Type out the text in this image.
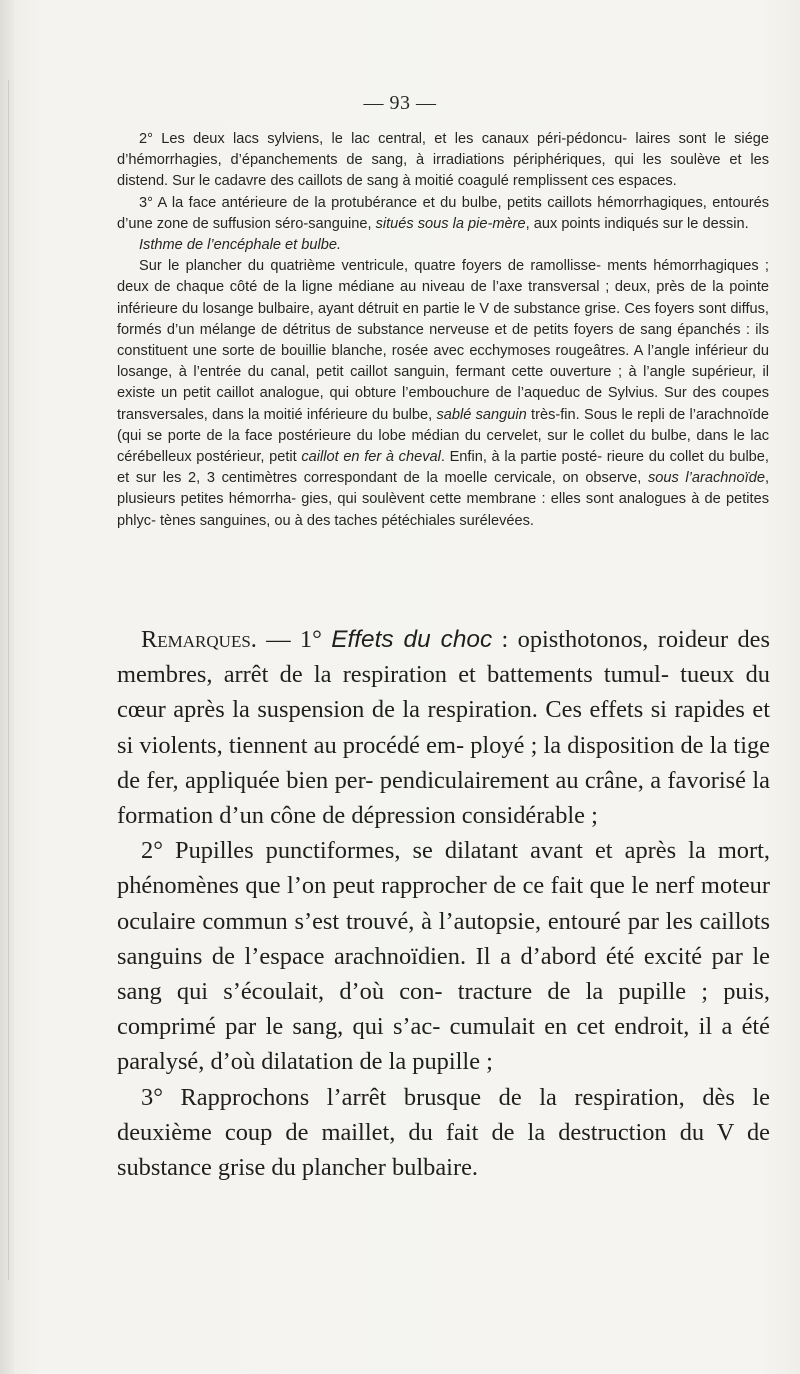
— 93 —

2° Les deux lacs sylviens, le lac central, et les canaux péri-pédoncu- laires sont le siége d’hémorrhagies, d’épanchements de sang, à irradiations périphériques, qui les soulève et les distend. Sur le cadavre des caillots de sang à moitié coagulé remplissent ces espaces.

3° A la face antérieure de la protubérance et du bulbe, petits caillots hémorrhagiques, entourés d’une zone de suffusion séro-sanguine, situés sous la pie-mère, aux points indiqués sur le dessin.

Isthme de l’encéphale et bulbe.

Sur le plancher du quatrième ventricule, quatre foyers de ramollisse- ments hémorrhagiques ; deux de chaque côté de la ligne médiane au niveau de l’axe transversal ; deux, près de la pointe inférieure du losange bulbaire, ayant détruit en partie le V de substance grise. Ces foyers sont diffus, formés d’un mélange de détritus de substance nerveuse et de petits foyers de sang épanchés : ils constituent une sorte de bouillie blanche, rosée avec ecchymoses rougeâtres. A l’angle inférieur du losange, à l’entrée du canal, petit caillot sanguin, fermant cette ouverture ; à l’angle supérieur, il existe un petit caillot analogue, qui obture l’embouchure de l’aqueduc de Sylvius. Sur des coupes transversales, dans la moitié inférieure du bulbe, sablé sanguin très-fin. Sous le repli de l’arachnoïde (qui se porte de la face postérieure du lobe médian du cervelet, sur le collet du bulbe, dans le lac cérébelleux postérieur, petit caillot en fer à cheval. Enfin, à la partie posté- rieure du collet du bulbe, et sur les 2, 3 centimètres correspondant de la moelle cervicale, on observe, sous l’arachnoïde, plusieurs petites hémorrha- gies, qui soulèvent cette membrane : elles sont analogues à de petites phlyc- tènes sanguines, ou à des taches pétéchiales surélevées.

Remarques. — 1° Effets du choc : opisthotonos, roideur des membres, arrêt de la respiration et battements tumul- tueux du cœur après la suspension de la respiration. Ces effets si rapides et si violents, tiennent au procédé em- ployé ; la disposition de la tige de fer, appliquée bien per- pendiculairement au crâne, a favorisé la formation d’un cône de dépression considérable ;

2° Pupilles punctiformes, se dilatant avant et après la mort, phénomènes que l’on peut rapprocher de ce fait que le nerf moteur oculaire commun s’est trouvé, à l’autopsie, entouré par les caillots sanguins de l’espace arachnoïdien. Il a d’abord été excité par le sang qui s’écoulait, d’où con- tracture de la pupille ; puis, comprimé par le sang, qui s’ac- cumulait en cet endroit, il a été paralysé, d’où dilatation de la pupille ;

3° Rapprochons l’arrêt brusque de la respiration, dès le deuxième coup de maillet, du fait de la destruction du V de substance grise du plancher bulbaire.
